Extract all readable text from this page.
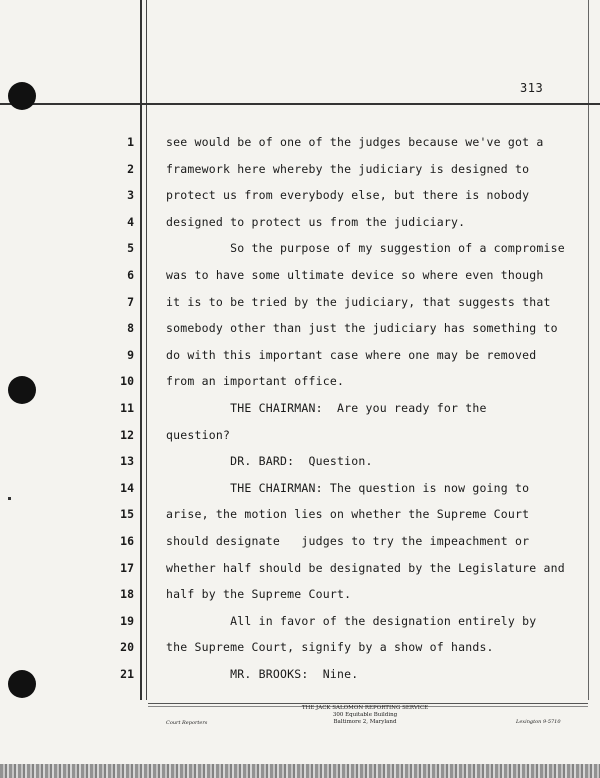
313
1	see would be of one of the judges because we've got a
2	framework here whereby the judiciary is designed to
3	protect us from everybody else, but there is nobody
4	designed to protect us from the judiciary.
5	So the purpose of my suggestion of a compromise
6	was to have some ultimate device so where even though
7	it is to be tried by the judiciary, that suggests that
8	somebody other than just the judiciary has something to
9	do with this important case where one may be removed
10	from an important office.
11	THE CHAIRMAN:  Are you ready for the
12	question?
13	DR. BARD:  Question.
14	THE CHAIRMAN: The question is now going to
15	arise, the motion lies on whether the Supreme Court
16	should designate   judges to try the impeachment or
17	whether half should be designated by the Legislature and
18	half by the Supreme Court.
19	All in favor of the designation entirely by
20	the Supreme Court, signify by a show of hands.
21	MR. BROOKS:  Nine.
THE JACK SALOMON REPORTING SERVICE
300 Equitable Building
Baltimore 2, Maryland
Court Reporters	Lexington 9-5710
